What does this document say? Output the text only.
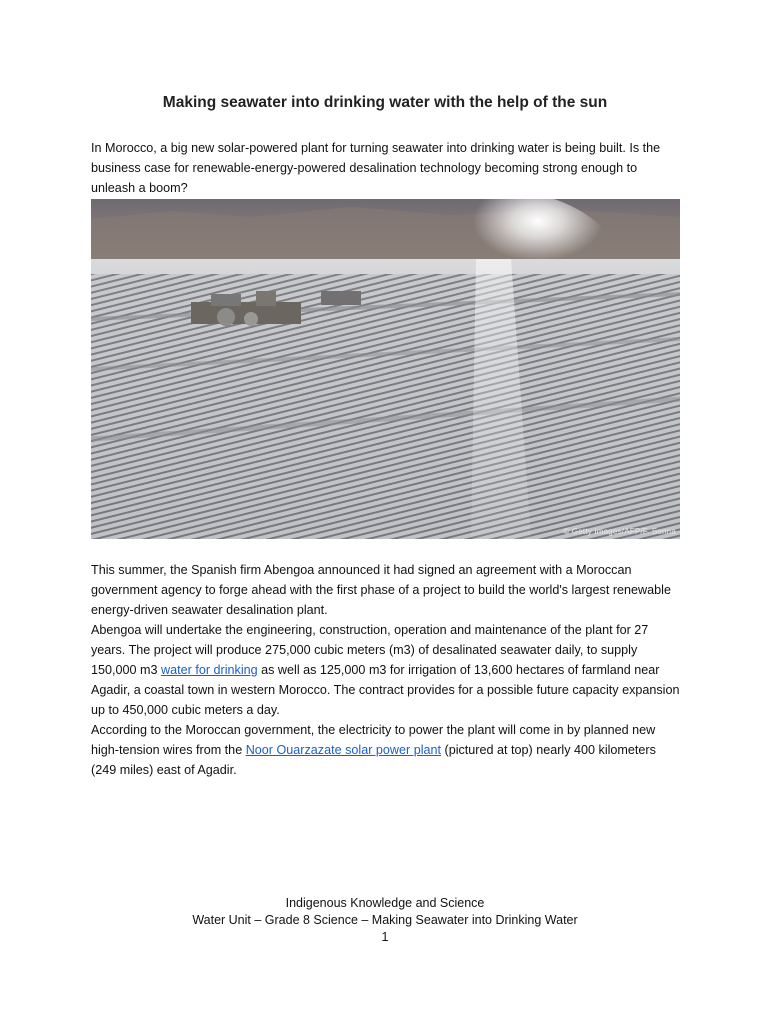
Making seawater into drinking water with the help of the sun
In Morocco, a big new solar-powered plant for turning seawater into drinking water is being built. Is the business case for renewable-energy-powered desalination technology becoming strong enough to unleash a boom?
© Getty Images/AFP/F. Senna

This summer, the Spanish firm Abengoa announced it had signed an agreement with a Moroccan government agency to forge ahead with the first phase of a project to build the world's largest renewable energy-driven seawater desalination plant.

Abengoa will undertake the engineering, construction, operation and maintenance of the plant for 27 years. The project will produce 275,000 cubic meters (m3) of desalinated seawater daily, to supply 150,000 m3 water for drinking as well as 125,000 m3 for irrigation of 13,600 hectares of farmland near Agadir, a coastal town in western Morocco. The contract provides for a possible future capacity expansion up to 450,000 cubic meters a day.

According to the Moroccan government, the electricity to power the plant will come in by planned new high-tension wires from the Noor Ouarzazate solar power plant (pictured at top) nearly 400 kilometers (249 miles) east of Agadir.

Indigenous Knowledge and Science
Water Unit – Grade 8 Science – Making Seawater into Drinking Water
1
